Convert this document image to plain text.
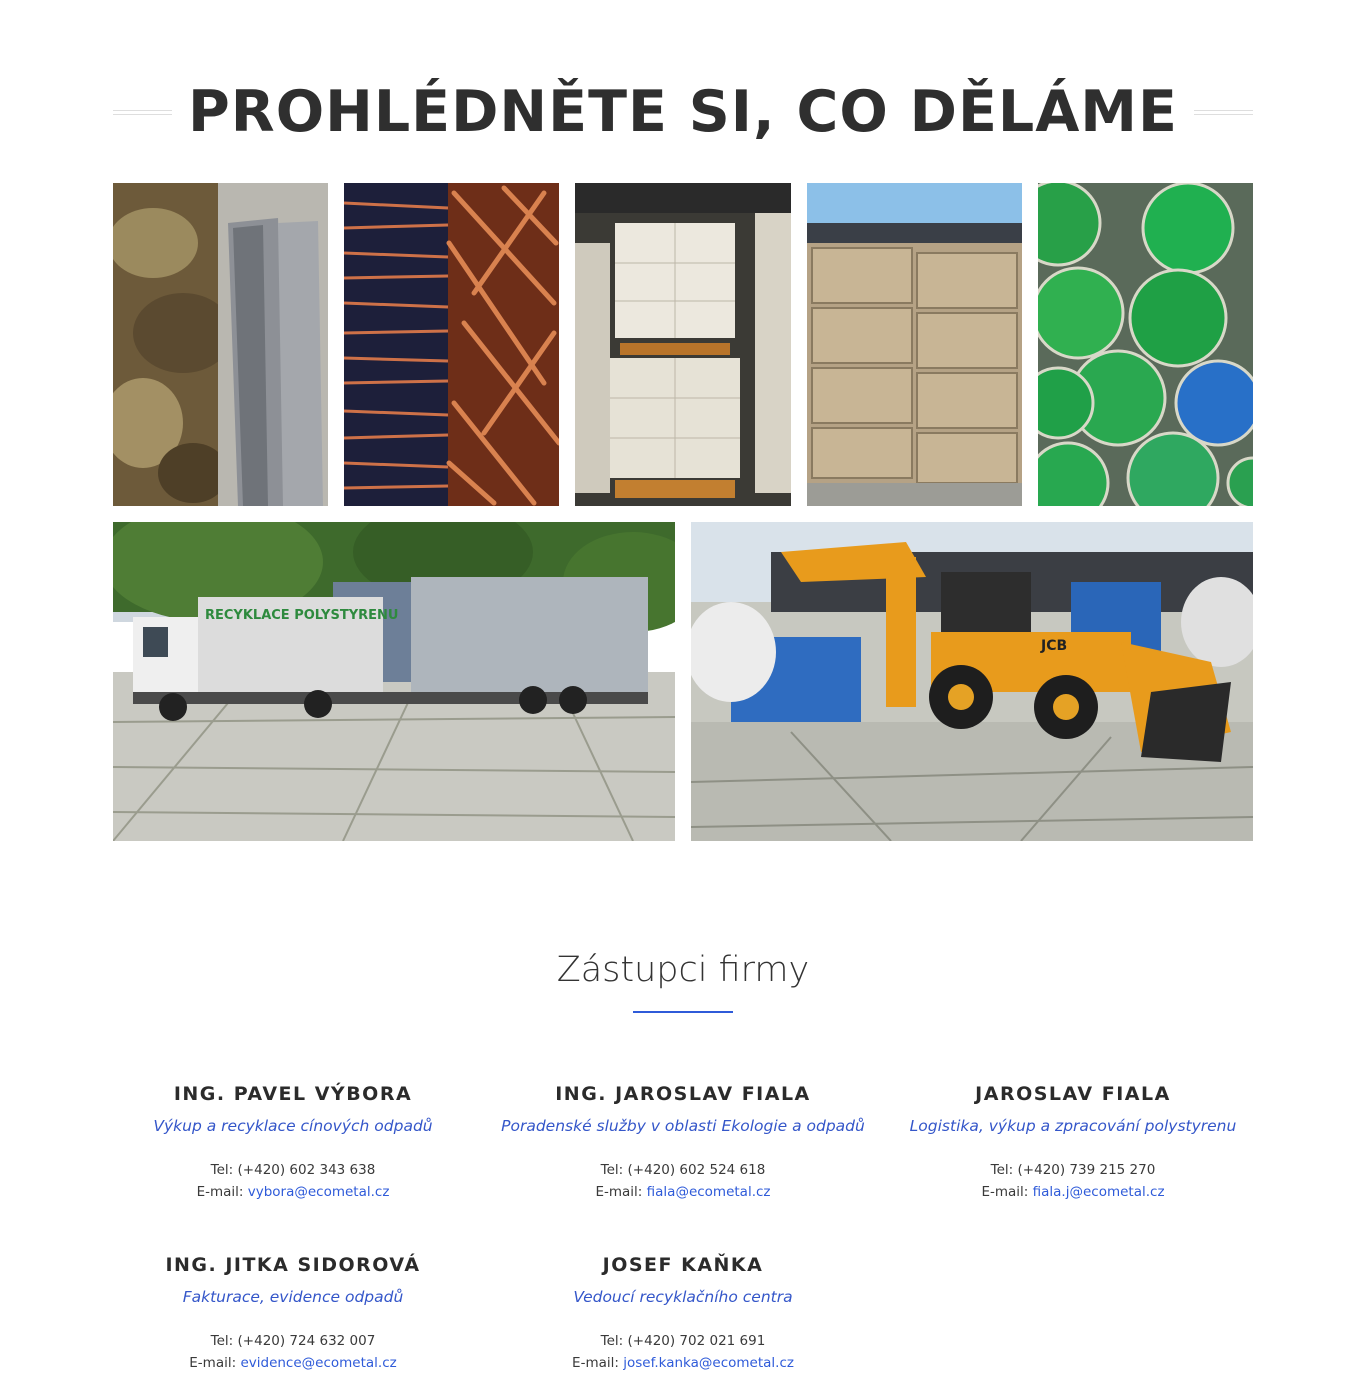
PROHLÉDNĚTE SI, CO DĚLÁME
RECYKLACE POLYSTYRENU
JCB
Zástupci firmy
ING. PAVEL VÝBORA
Výkup a recyklace cínových odpadů
Tel: (+420) 602 343 638
E-mail: vybora@ecometal.cz
ING. JAROSLAV FIALA
Poradenské služby v oblasti Ekologie a odpadů
Tel: (+420) 602 524 618
E-mail: fiala@ecometal.cz
JAROSLAV FIALA
Logistika, výkup a zpracování polystyrenu
Tel: (+420) 739 215 270
E-mail: fiala.j@ecometal.cz
ING. JITKA SIDOROVÁ
Fakturace, evidence odpadů
Tel: (+420) 724 632 007
E-mail: evidence@ecometal.cz
JOSEF KAŇKA
Vedoucí recyklačního centra
Tel: (+420) 702 021 691
E-mail: josef.kanka@ecometal.cz
